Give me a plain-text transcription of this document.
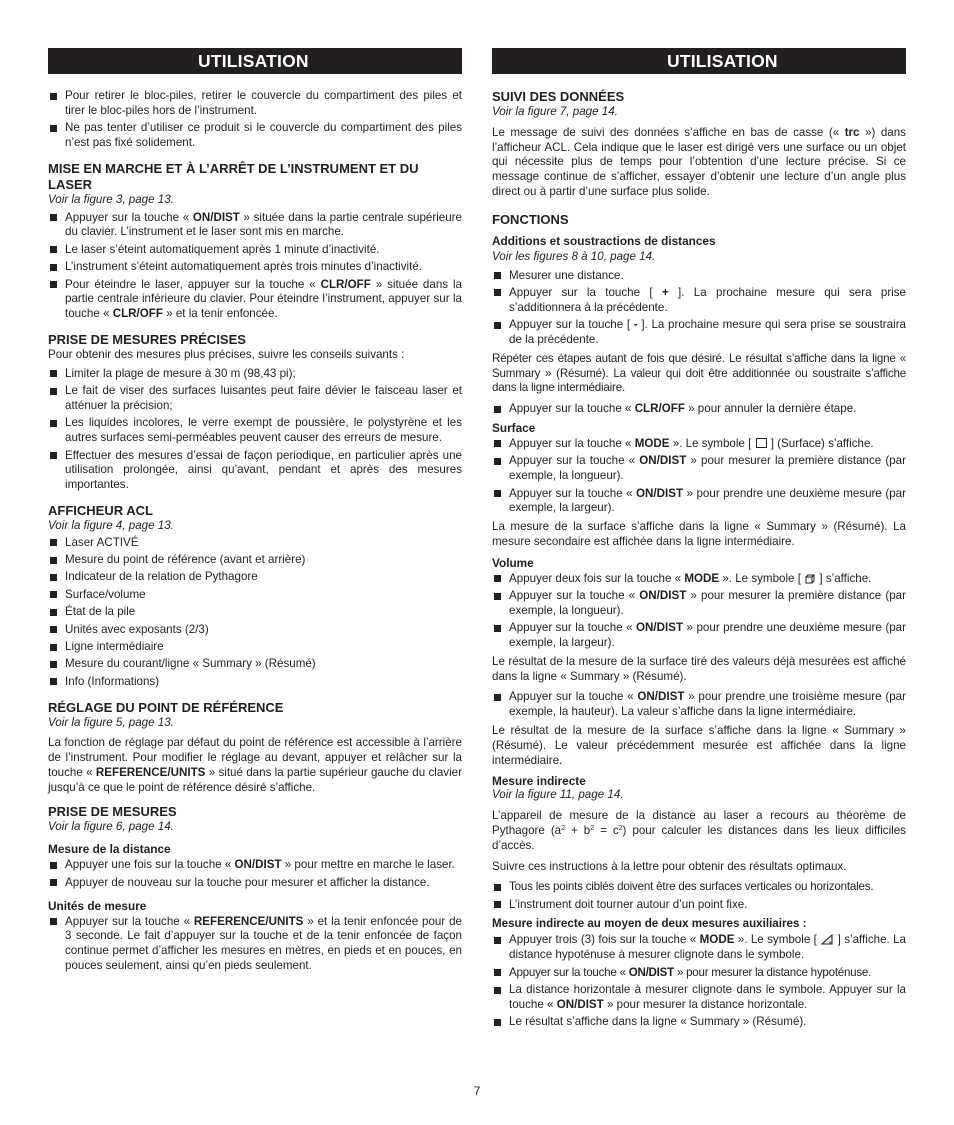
UTILISATION
Pour retirer le bloc-piles, retirer le couvercle du compartiment des piles et tirer le bloc-piles hors de l’instrument.
Ne pas tenter d’utiliser ce produit si le couvercle du compartiment des piles n’est pas fixé solidement.
MISE EN MARCHE ET À L’ARRÊT DE L’INSTRUMENT ET DU LASER
Voir la figure 3, page 13.
Appuyer sur la touche « ON/DIST » située dans la partie centrale supérieure du clavier. L’instrument et le laser sont mis en marche.
Le laser s’éteint automatiquement après 1 minute d’inactivité.
L’instrument s’éteint automatiquement après trois minutes d’inactivité.
Pour éteindre le laser, appuyer sur la touche « CLR/OFF » située dans la partie centrale inférieure du clavier. Pour éteindre l’instrument, appuyer sur la touche « CLR/OFF » et la tenir enfoncée.
PRISE DE MESURES PRÉCISES

Pour obtenir des mesures plus précises, suivre les conseils suivants :

Limiter la plage de mesure à 30 m (98,43 pi);
Le fait de viser des surfaces luisantes peut faire dévier le faisceau laser et atténuer la précision;
Les liquides incolores, le verre exempt de poussière, le polystyrène et les autres surfaces semi-perméables peuvent causer des erreurs de mesure.
Effectuer des mesures d’essai de façon periodique, en particulier après une utilisation prolongée, ainsi qu’avant, pendant et après des mesures importantes.
AFFICHEUR ACL
Voir la figure 4, page 13.
Laser ACTIVÉ
Mesure du point de référence (avant et arrière)
Indicateur de la relation de Pythagore
Surface/volume
État de la pile
Unités avec exposants (2/3)
Ligne intermédiaire
Mesure du courant/ligne « Summary » (Résumé)
Info (Informations)
RÉGLAGE DU POINT DE RÉFÉRENCE
Voir la figure 5, page 13.

La fonction de réglage par défaut du point de référence est accessible à l’arrière de l’instrument. Pour modifier le réglage au devant, appuyer et relâcher sur la touche « REFERENCE/UNITS » situé dans la partie supérieur gauche du clavier jusqu’à ce que le point de référence désiré s’affiche.

PRISE DE MESURES
Voir la figure 6, page 14.
Mesure de la distance
Appuyer une fois sur la touche « ON/DIST » pour mettre en marche le laser.
Appuyer de nouveau sur la touche pour mesurer et afficher la distance.
Unités de mesure
Appuyer sur la touche « REFERENCE/UNITS » et la tenir enfoncée pour de 3 seconde. Le fait d’appuyer sur la touche et de la tenir enfoncée de façon continue permet d’afficher les mesures en mètres, en pieds et en pouces, en pouces seulement, ainsi qu’en pieds seulement.
UTILISATION
SUIVI DES DONNÉES
Voir la figure 7, page 14.

Le message de suivi des données s’affiche en bas de casse (« trc ») dans l’afficheur ACL. Cela indique que le laser est dirigé vers une surface ou un objet qui nécessite plus de temps pour l’obtention d’une lecture précise. Si ce message continue de s’afficher, essayer d’obtenir une lecture d’un angle plus direct ou à partir d’une surface plus solide.

FONCTIONS
Additions et soustractions de distances
Voir les figures 8 à 10, page 14.
Mesurer une distance.
Appuyer sur la touche [ + ]. La prochaine mesure qui sera prise s’additionnera à la précédente.
Appuyer sur la touche [ - ]. La prochaine mesure qui sera prise se soustraira de la précédente.

Répéter ces étapes autant de fois que désiré. Le résultat s’affiche dans la ligne « Summary » (Résumé). La valeur qui doit être additionnée ou soustraite s’affiche dans la ligne intermédiaire.

Appuyer sur la touche « CLR/OFF » pour annuler la dernière étape.
Surface
Appuyer sur la touche « MODE ». Le symbole [  ] (Surface) s’affiche.
Appuyer sur la touche « ON/DIST » pour mesurer la première distance (par exemple, la longueur).
Appuyer sur la touche « ON/DIST » pour prendre une deuxième mesure (par exemple, la largeur).

La mesure de la surface s’affiche dans la ligne « Summary » (Résumé). La mesure secondaire est affichée dans la ligne intermédiaire.

Volume
Appuyer deux fois sur la touche « MODE ». Le symbole [  ] s’affiche.
Appuyer sur la touche « ON/DIST » pour mesurer la première distance (par exemple, la longueur).
Appuyer sur la touche « ON/DIST » pour prendre une deuxième mesure (par exemple, la largeur).

Le résultat de la mesure de la surface tiré des valeurs déjà mesurées est affiché dans la ligne « Summary » (Résumé).

Appuyer sur la touche « ON/DIST » pour prendre une troisième mesure (par exemple, la hauteur). La valeur s’affiche dans la ligne intermédiaire.

Le résultat de la mesure de la surface s’affiche dans la ligne « Summary » (Résumé). Le valeur précédemment mesurée est affichée dans la ligne intermédiaire.

Mesure indirecte
Voir la figure 11, page 14.

L’appareil de mesure de la distance au laser a recours au théorème de Pythagore $(a^2 + b^2 = c^2)$ pour calculer les distances dans les lieux difficiles d’accès.

Suivre ces instructions à la lettre pour obtenir des résultats optimaux.

Tous les points ciblés doivent être des surfaces verticales ou horizontales.
L’instrument doit tourner autour d’un point fixe.
Mesure indirecte au moyen de deux mesures auxiliaires :
Appuyer trois (3) fois sur la touche « MODE ». Le symbole [  ] s’affiche. La distance hypoténuse à mesurer clignote dans le symbole.
Appuyer sur la touche « ON/DIST » pour mesurer la distance hypoténuse.
La distance horizontale à mesurer clignote dans le symbole. Appuyer sur la touche « ON/DIST » pour mesurer la distance horizontale.
Le résultat s’affiche dans la ligne « Summary » (Résumé).
7
